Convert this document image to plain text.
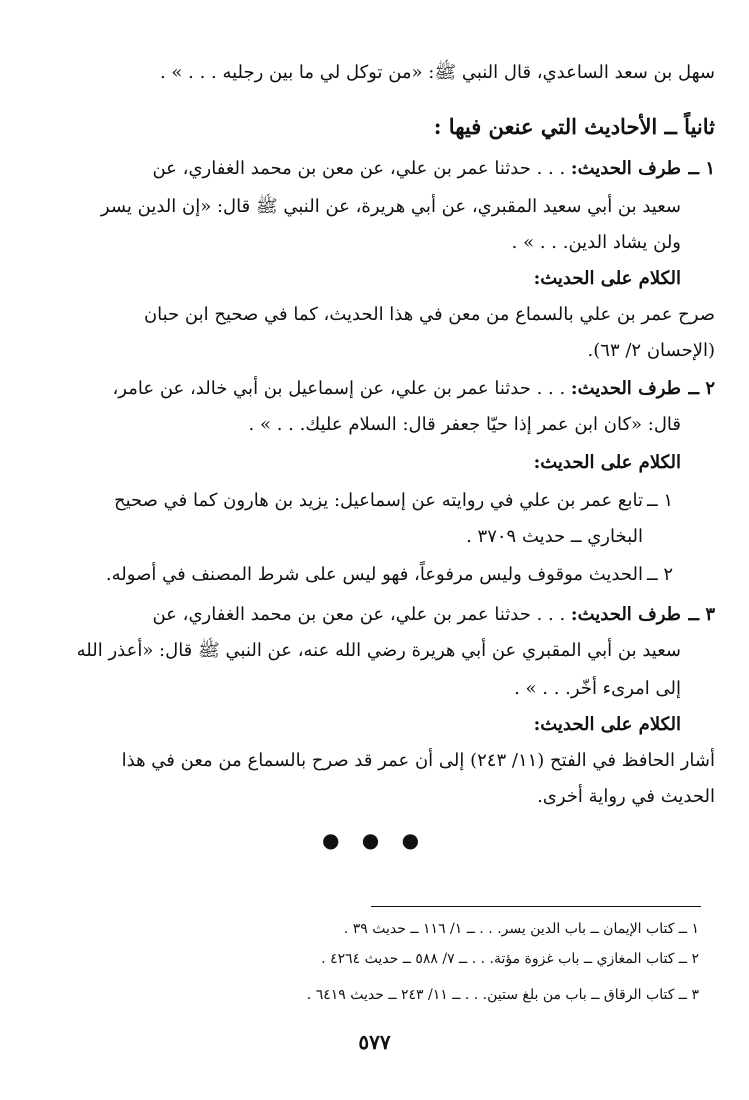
سهل بن سعد الساعدي، قال النبي ﷺ: «من توكل لي ما بين رجليه . . . » .
ثانياً ــ الأحاديث التي عنعن فيها :
١ ــ
طرف الحديث: . . . حدثنا عمر بن علي، عن معن بن محمد الغفاري، عن
سعيد بن أبي سعيد المقبري، عن أبي هريرة، عن النبي ﷺ قال: «إن الدين يسر
ولن يشاد الدين. . . » .
الكلام على الحديث:
صرح عمر بن علي بالسماع من معن في هذا الحديث، كما في صحيح ابن حبان
(الإحسان ٢/ ٦٣).
٢ ــ
طرف الحديث: . . . حدثنا عمر بن علي، عن إسماعيل بن أبي خالد، عن عامر،
قال: «كان ابن عمر إذا حيّا جعفر قال: السلام عليك. . . » .
الكلام على الحديث:
١ ــ
تابع عمر بن علي في روايته عن إسماعيل: يزيد بن هارون كما في صحيح
البخاري ــ حديث ٣٧٠٩ .
٢ ــ
الحديث موقوف وليس مرفوعاً، فهو ليس على شرط المصنف في أصوله.
٣ ــ
طرف الحديث: . . . حدثنا عمر بن علي، عن معن بن محمد الغفاري، عن
سعيد بن أبي المقبري عن أبي هريرة رضي الله عنه، عن النبي ﷺ قال: «أعذر الله
إلى امرىء أخّر. . . » .
الكلام على الحديث:
أشار الحافظ في الفتح (١١/ ٢٤٣) إلى أن عمر قد صرح بالسماع من معن في هذا
الحديث في رواية أخرى.
● ● ●
١ ــ كتاب الإيمان ــ باب الدين يسر. . . ــ ١/ ١١٦ ــ حديث ٣٩ .
٢ ــ كتاب المغازي ــ باب غزوة مؤتة. . . ــ ٧/ ٥٨٨ ــ حديث ٤٢٦٤ .
٣ ــ كتاب الرقاق ــ باب من بلغ ستين. . . ــ ١١/ ٢٤٣ ــ حديث ٦٤١٩ .
٥٧٧
